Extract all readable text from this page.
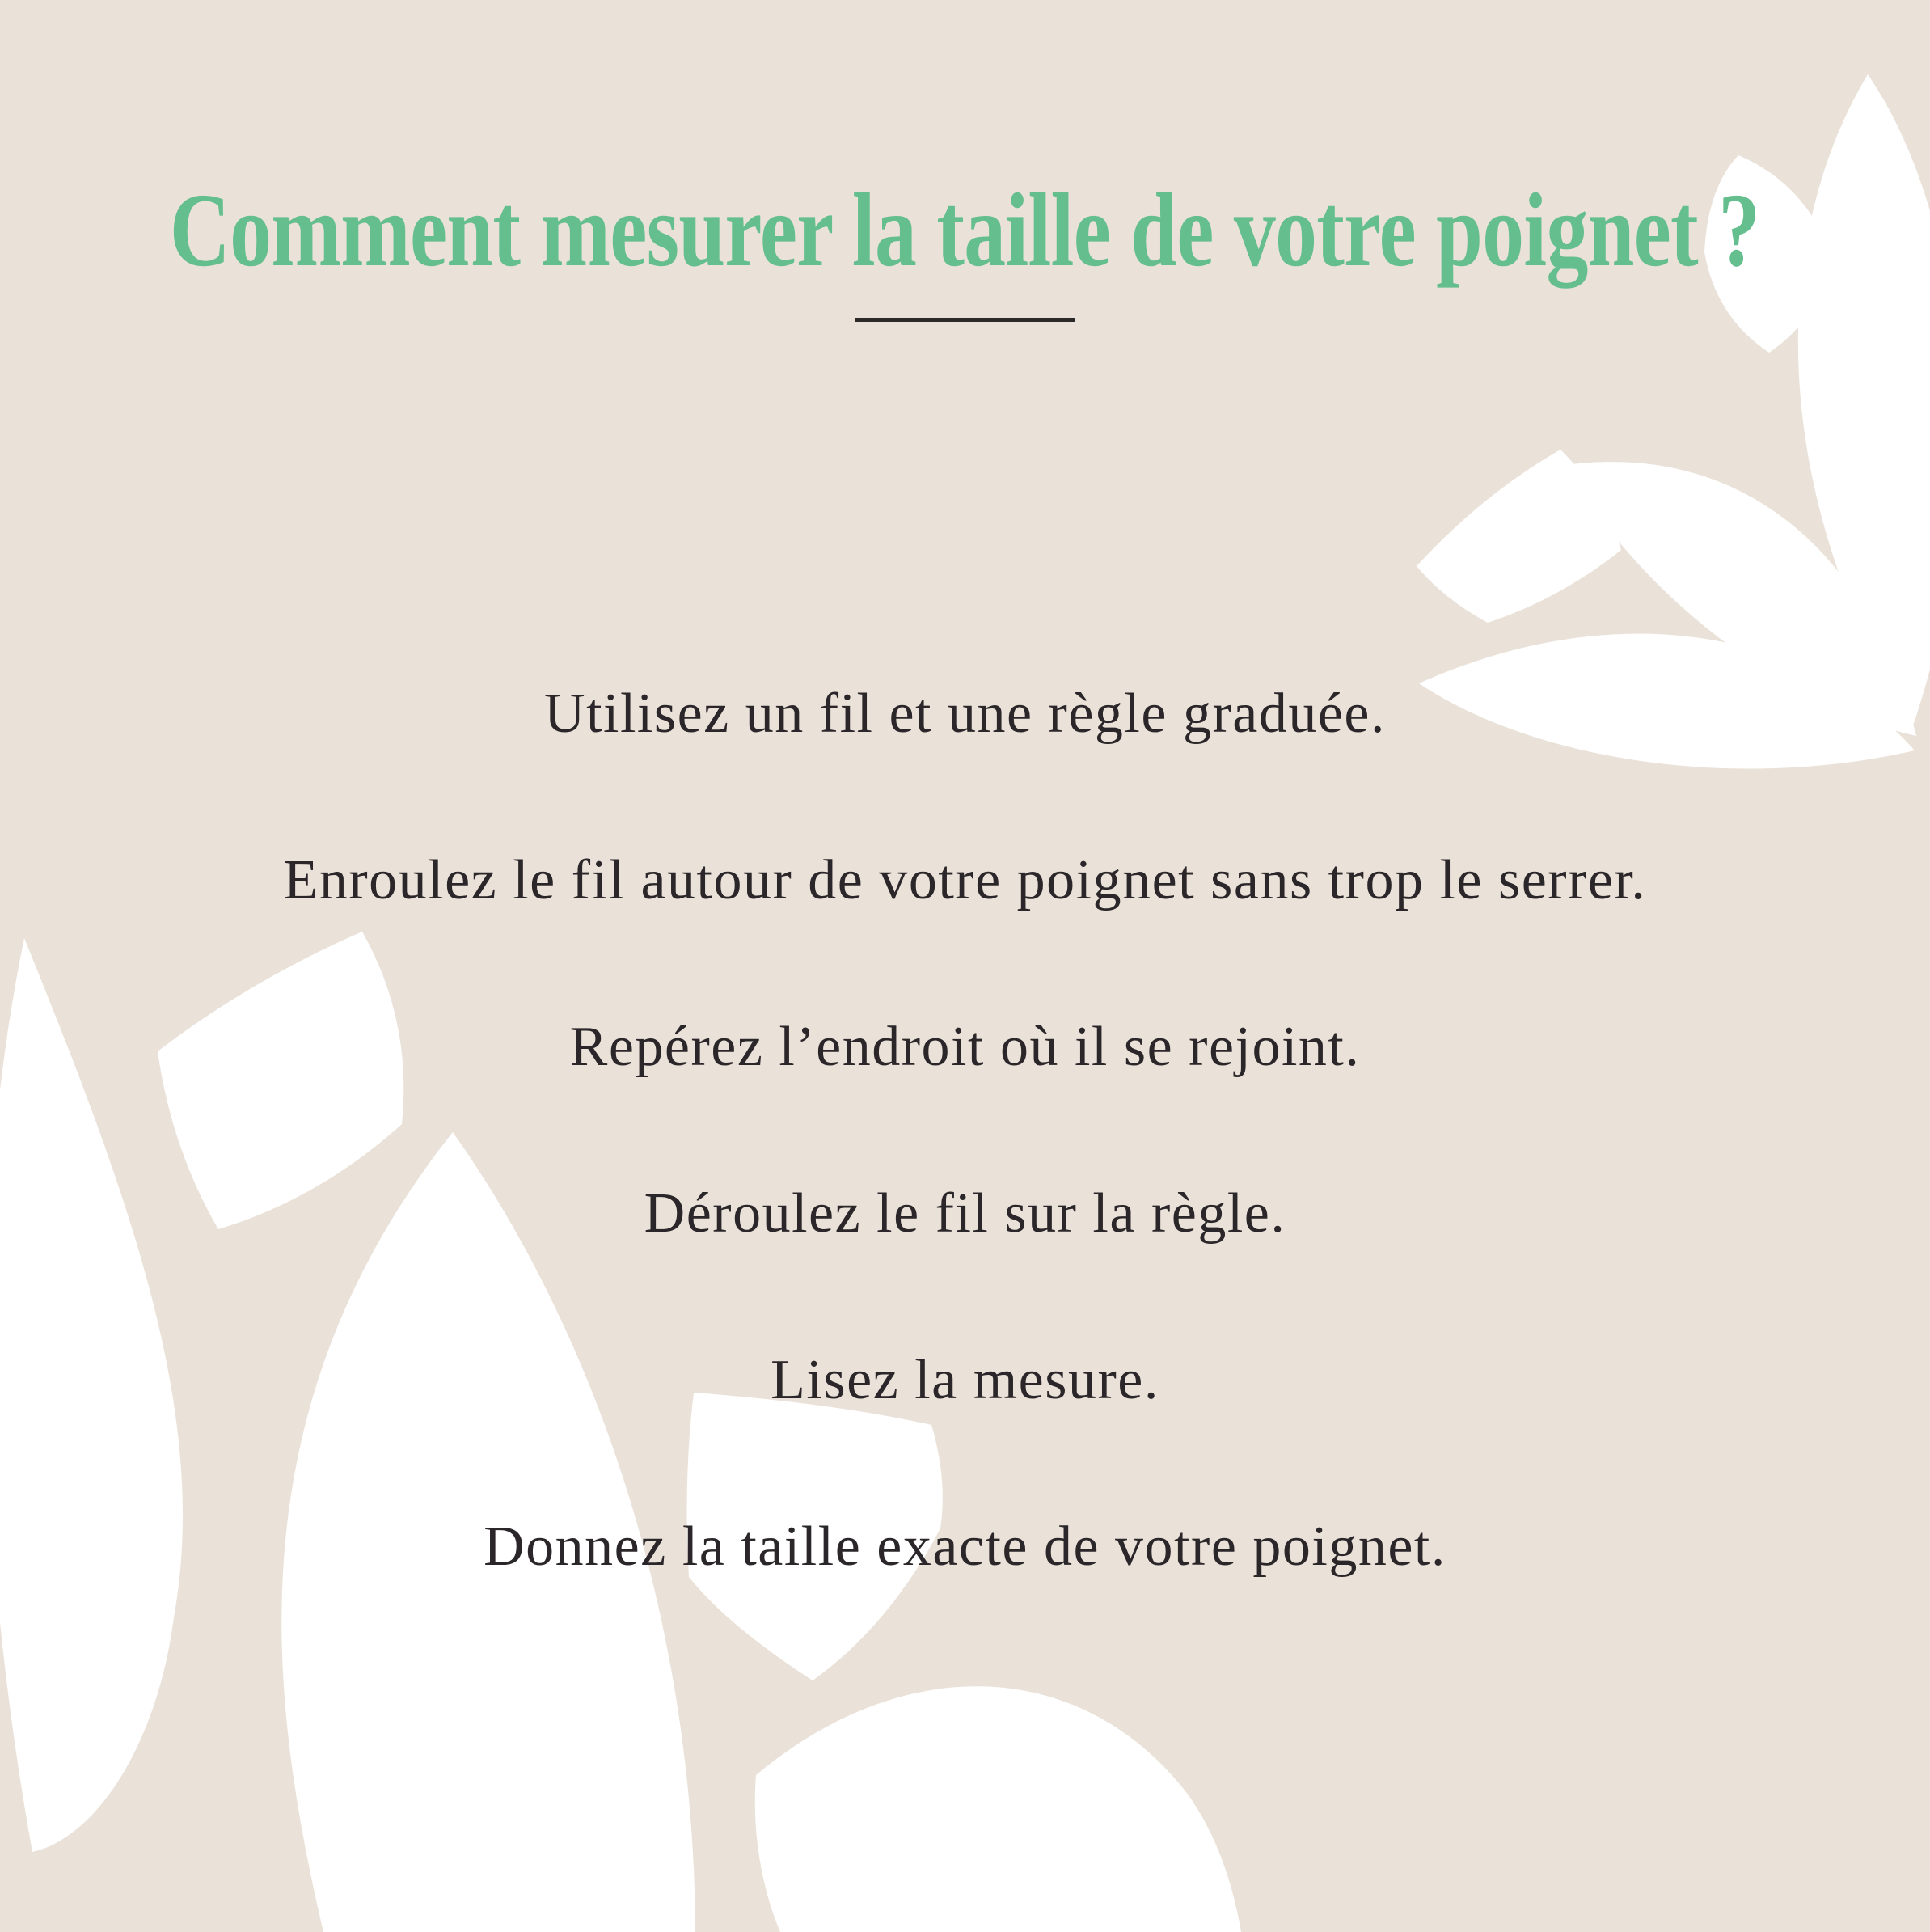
Comment mesurer la taille de votre poignet ?
Utilisez un fil et une règle graduée.
Enroulez le fil autour de votre poignet sans trop le serrer.
Repérez l’endroit où il se rejoint.
Déroulez le fil sur la règle.
Lisez la mesure.
Donnez la taille exacte de votre poignet.
